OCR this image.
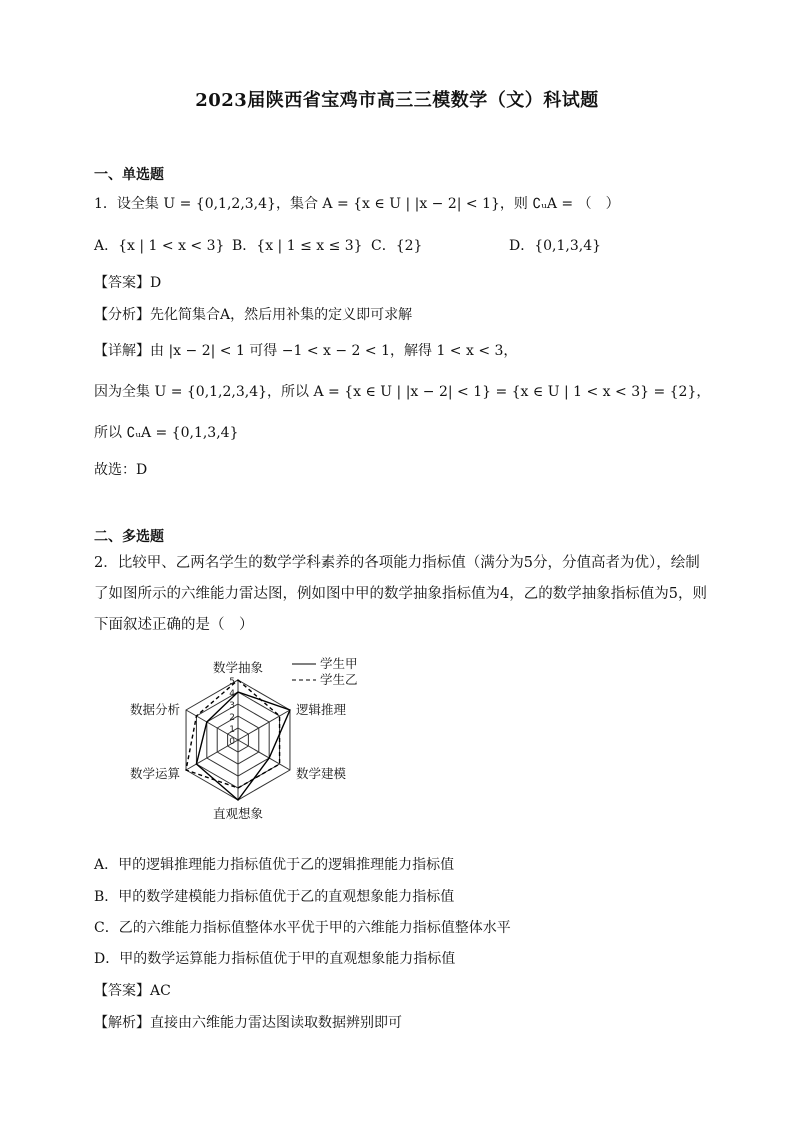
2023届陕西省宝鸡市高三三模数学（文）科试题
一、单选题
1．设全集 U = {0,1,2,3,4}，集合 A = {x ∈ U | |x − 2| < 1}，则 ∁ᵤA = （　）
A．{x | 1 < x < 3} B．{x | 1 ≤ x ≤ 3} C．{2}	D．{0,1,3,4}
【答案】D
【分析】先化简集合A，然后用补集的定义即可求解
【详解】由 |x − 2| < 1 可得 −1 < x − 2 < 1，解得 1 < x < 3，
因为全集 U = {0,1,2,3,4}，所以 A = {x ∈ U | |x − 2| < 1} = {x ∈ U | 1 < x < 3} = {2}，
所以 ∁ᵤA = {0,1,3,4}
故选：D
二、多选题
2．比较甲、乙两名学生的数学学科素养的各项能力指标值（满分为5分，分值高者为优），绘制了如图所示的六维能力雷达图，例如图中甲的数学抽象指标值为4，乙的数学抽象指标值为5，则下面叙述正确的是（　）
0
1
2
3
4
5
数学抽象
逻辑推理
数学建模
直观想象
数学运算
数据分析
学生甲
学生乙
A．甲的逻辑推理能力指标值优于乙的逻辑推理能力指标值
B．甲的数学建模能力指标值优于乙的直观想象能力指标值
C．乙的六维能力指标值整体水平优于甲的六维能力指标值整体水平
D．甲的数学运算能力指标值优于甲的直观想象能力指标值
【答案】AC
【解析】直接由六维能力雷达图读取数据辨别即可
